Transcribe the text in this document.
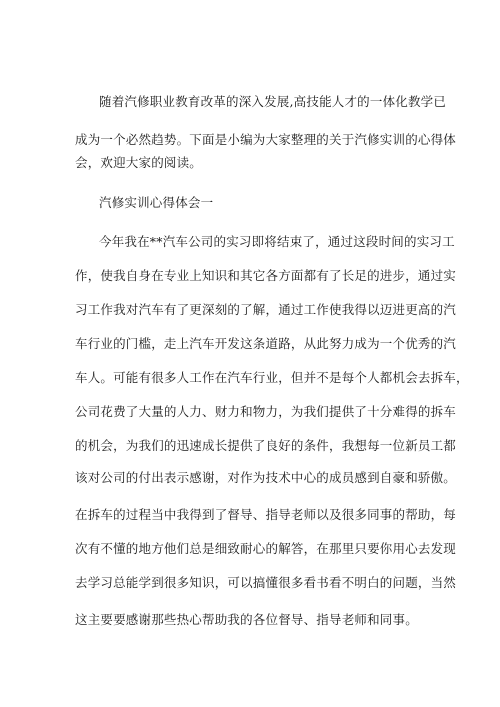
随着汽修职业教育改革的深入发展,高技能人才的一体化教学已
成为一个必然趋势。下面是小编为大家整理的关于汽修实训的心得体
会，欢迎大家的阅读。
汽修实训心得体会一
今年我在**汽车公司的实习即将结束了，通过这段时间的实习工
作，使我自身在专业上知识和其它各方面都有了长足的进步，通过实
习工作我对汽车有了更深刻的了解，通过工作使我得以迈进更高的汽
车行业的门槛，走上汽车开发这条道路，从此努力成为一个优秀的汽
车人。可能有很多人工作在汽车行业，但并不是每个人都机会去拆车，
公司花费了大量的人力、财力和物力，为我们提供了十分难得的拆车
的机会，为我们的迅速成长提供了良好的条件，我想每一位新员工都
该对公司的付出表示感谢，对作为技术中心的成员感到自豪和骄傲。
在拆车的过程当中我得到了督导、指导老师以及很多同事的帮助，每
次有不懂的地方他们总是细致耐心的解答，在那里只要你用心去发现
去学习总能学到很多知识，可以搞懂很多看书看不明白的问题，当然
这主要要感谢那些热心帮助我的各位督导、指导老师和同事。
